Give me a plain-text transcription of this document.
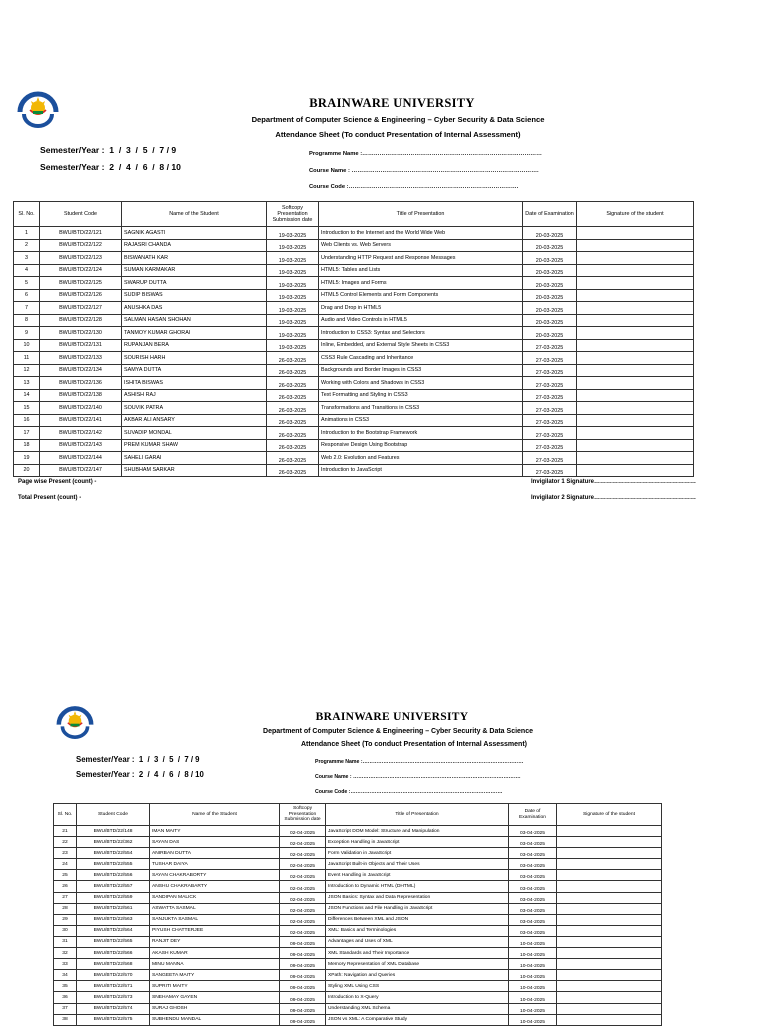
BRAINWARE UNIVERSITY
Department of Computer Science & Engineering – Cyber Security & Data Science
Attendance Sheet (To conduct Presentation of Internal Assessment)
Semester/Year :  1  /  3  /  5  /  7 / 9
Semester/Year :  2  /  4  /  6  /  8 / 10
Programme Name :…………………………………………………………………………………
Course Name : …………………………………………………………………………………….
Course Code :…………………………………………………………………………….
Sl. No.	Student Code	Name of the Student	Softcopy Presentation Submission date	Title of Presentation	Date of Examination	Signature of the student
1	BWU/BTD/22/121	SAGNIK AGASTI	19-03-2025	Introduction to the Internet and the World Wide Web	20-03-2025	
2	BWU/BTD/22/122	RAJASRI CHANDA	19-03-2025	Web Clients vs. Web Servers	20-03-2025	
3	BWU/BTD/22/123	BISWANATH KAR	19-03-2025	Understanding HTTP Request and Response Messages	20-03-2025	
4	BWU/BTD/22/124	SUMAN KARMAKAR	19-03-2025	HTML5: Tables and Lists	20-03-2025	
5	BWU/BTD/22/125	SWARUP DUTTA	19-03-2025	HTML5: Images and Forms	20-03-2025	
6	BWU/BTD/22/126	SUDIP BISWAS	19-03-2025	HTML5 Control Elements and Form Components	20-03-2025	
7	BWU/BTD/22/127	ANUSHKA DAS	19-03-2025	Drag and Drop in HTML5	20-03-2025	
8	BWU/BTD/22/128	SALMAN HASAN SHOHAN	19-03-2025	Audio and Video Controls in HTML5	20-03-2025	
9	BWU/BTD/22/130	TANMOY KUMAR GHORAI	19-03-2025	Introduction to CSS3: Syntax and Selectors	20-03-2025	
10	BWU/BTD/22/131	RUPANJAN BERA	19-03-2025	Inline, Embedded, and External Style Sheets in CSS3	27-03-2025	
11	BWU/BTD/22/133	SOURISH HARH	26-03-2025	CSS3 Rule Cascading and Inheritance	27-03-2025	
12	BWU/BTD/22/134	SAMYA DUTTA	26-03-2025	Backgrounds and Border Images in CSS3	27-03-2025	
13	BWU/BTD/22/136	ISHITA BISWAS	26-03-2025	Working with Colors and Shadows in CSS3	27-03-2025	
14	BWU/BTD/22/138	ASHISH RAJ	26-03-2025	Text Formatting and Styling in CSS3	27-03-2025	
15	BWU/BTD/22/140	SOUVIK PATRA	26-03-2025	Transformations and Transitions in CSS3	27-03-2025	
16	BWU/BTD/22/141	AKBAR ALI ANSARY	26-03-2025	Animations in CSS3	27-03-2025	
17	BWU/BTD/22/142	SUVADIP MONDAL	26-03-2025	Introduction to the Bootstrap Framework	27-03-2025	
18	BWU/BTD/22/143	PREM KUMAR SHAW	26-03-2025	Responsive Design Using Bootstrap	27-03-2025	
19	BWU/BTD/22/144	SAHELI GARAI	26-03-2025	Web 2.0: Evolution and Features	27-03-2025	
20	BWU/BTD/22/147	SHUBHAM SARKAR	26-03-2025	Introduction to JavaScript	27-03-2025	
Page wise Present (count) -
Total Present (count) -
Invigilator 1 Signature……………………………………………
Invigilator 2 Signature……………………………………………
BRAINWARE UNIVERSITY
Department of Computer Science & Engineering – Cyber Security & Data Science
Attendance Sheet (To conduct Presentation of Internal Assessment)
Semester/Year :  1  /  3  /  5  /  7 / 9
Semester/Year :  2  /  4  /  6  /  8 / 10
Programme Name :…………………………………………………………………………………
Course Name : …………………………………………………………………………………….
Course Code :…………………………………………………………………………….
Sl. No.	Student Code	Name of the Student	Softcopy Presentation Submission date	Title of Presentation	Date of Examination	Signature of the student
21	BWU/BTD/22/148	IMAN MAITY	02-04-2025	JavaScript DOM Model: Structure and Manipulation	03-04-2025	
22	BWU/BTD/22/362	SAYAN DAS	02-04-2025	Exception Handling in JavaScript	03-04-2025	
23	BWU/BTD/22/554	ANIRBAN DUTTA	02-04-2025	Form Validation in JavaScript	03-04-2025	
24	BWU/BTD/22/555	TUSHAR DAIYA	02-04-2025	JavaScript Built-in Objects and Their Uses	03-04-2025	
25	BWU/BTD/22/556	SAYAN CHAKRABORTY	02-04-2025	Event Handling in JavaScript	03-04-2025	
26	BWU/BTD/22/557	ANSHU CHAKRABARTY	02-04-2025	Introduction to Dynamic HTML (DHTML)	03-04-2025	
27	BWU/BTD/22/559	SANDIPAN MALICK	02-04-2025	JSON Basics: Syntax and Data Representation	03-04-2025	
28	BWU/BTD/22/561	ASWATTA SASMAL	02-04-2025	JSON Functions and File Handling in JavaScript	03-04-2025	
29	BWU/BTD/22/563	SANJUKTA SASMAL	02-04-2025	Differences Between XML and JSON	03-04-2025	
30	BWU/BTD/22/564	PIYUSH CHATTERJEE	02-04-2025	XML: Basics and Terminologies	03-04-2025	
31	BWU/BTD/22/565	RANJIT DEY	09-04-2025	Advantages and Uses of XML	10-04-2025	
32	BWU/BTD/22/566	AKASH KUMAR	09-04-2025	XML Standards and Their Importance	10-04-2025	
33	BWU/BTD/22/568	MINU MANNA	09-04-2025	Memory Representation of XML Database	10-04-2025	
34	BWU/BTD/22/570	SANGEETA MAITY	09-04-2025	XPath: Navigation and Queries	10-04-2025	
35	BWU/BTD/22/571	SUPRITI MAITY	09-04-2025	Styling XML Using CSS	10-04-2025	
36	BWU/BTD/22/573	SNEHAMAY GAYEN	09-04-2025	Introduction to X-Query	10-04-2025	
37	BWU/BTD/22/574	SURAJ GHOSH	09-04-2025	Understanding XML Schema	10-04-2025	
38	BWU/BTD/22/575	SUBHENDU MANDAL	09-04-2025	JSON vs XML: A Comparative Study	10-04-2025	
